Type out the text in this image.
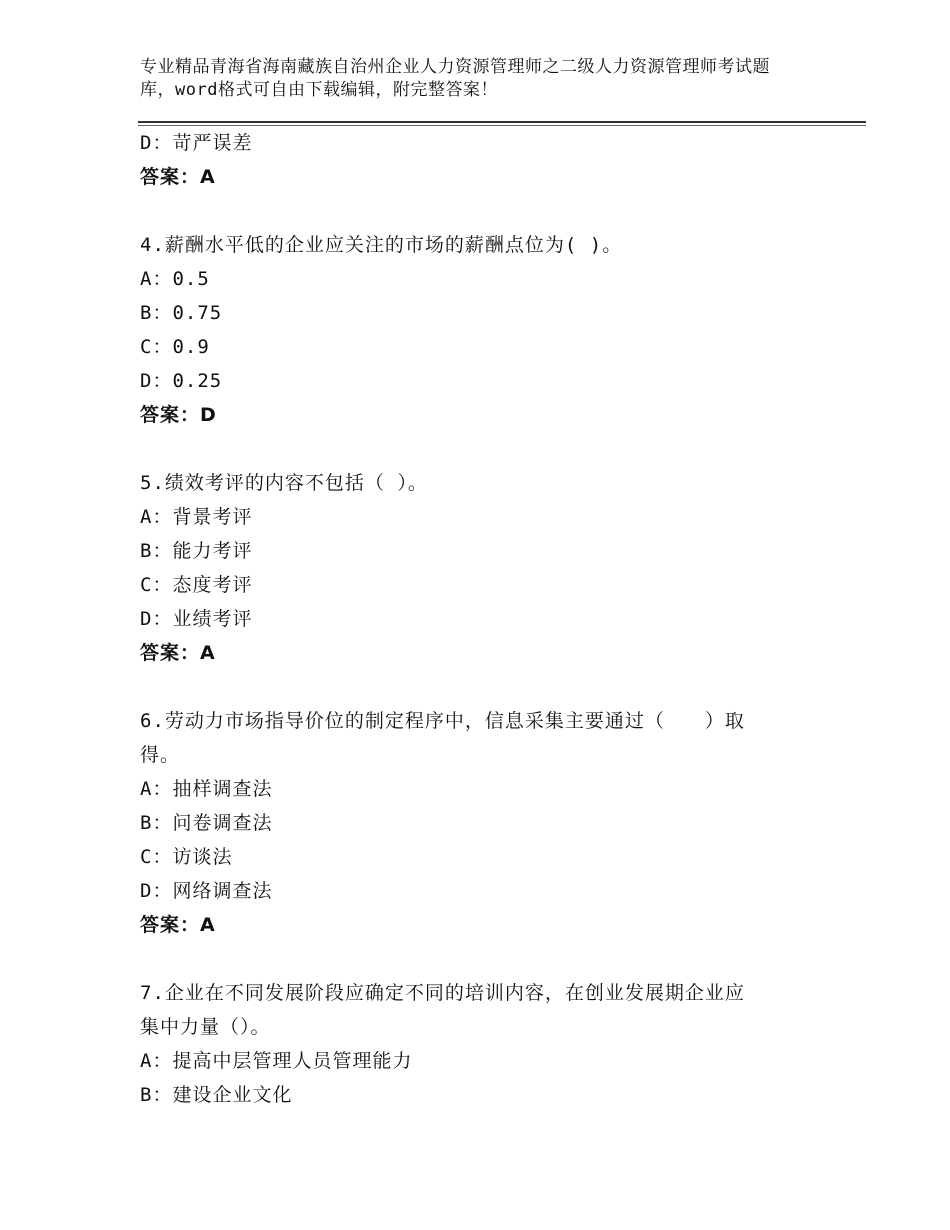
专业精品青海省海南藏族自治州企业人力资源管理师之二级人力资源管理师考试题
库，word格式可自由下载编辑，附完整答案！
D：苛严误差
答案：A
4.薪酬水平低的企业应关注的市场的薪酬点位为( )。
A：0.5
B：0.75
C：0.9
D：0.25
答案：D
5.绩效考评的内容不包括（ ）。
A：背景考评
B：能力考评
C：态度考评
D：业绩考评
答案：A
6.劳动力市场指导价位的制定程序中，信息采集主要通过（　　）取
得。
A：抽样调查法
B：问卷调查法
C：访谈法
D：网络调查法
答案：A
7.企业在不同发展阶段应确定不同的培训内容，在创业发展期企业应
集中力量（）。
A：提高中层管理人员管理能力
B：建设企业文化
